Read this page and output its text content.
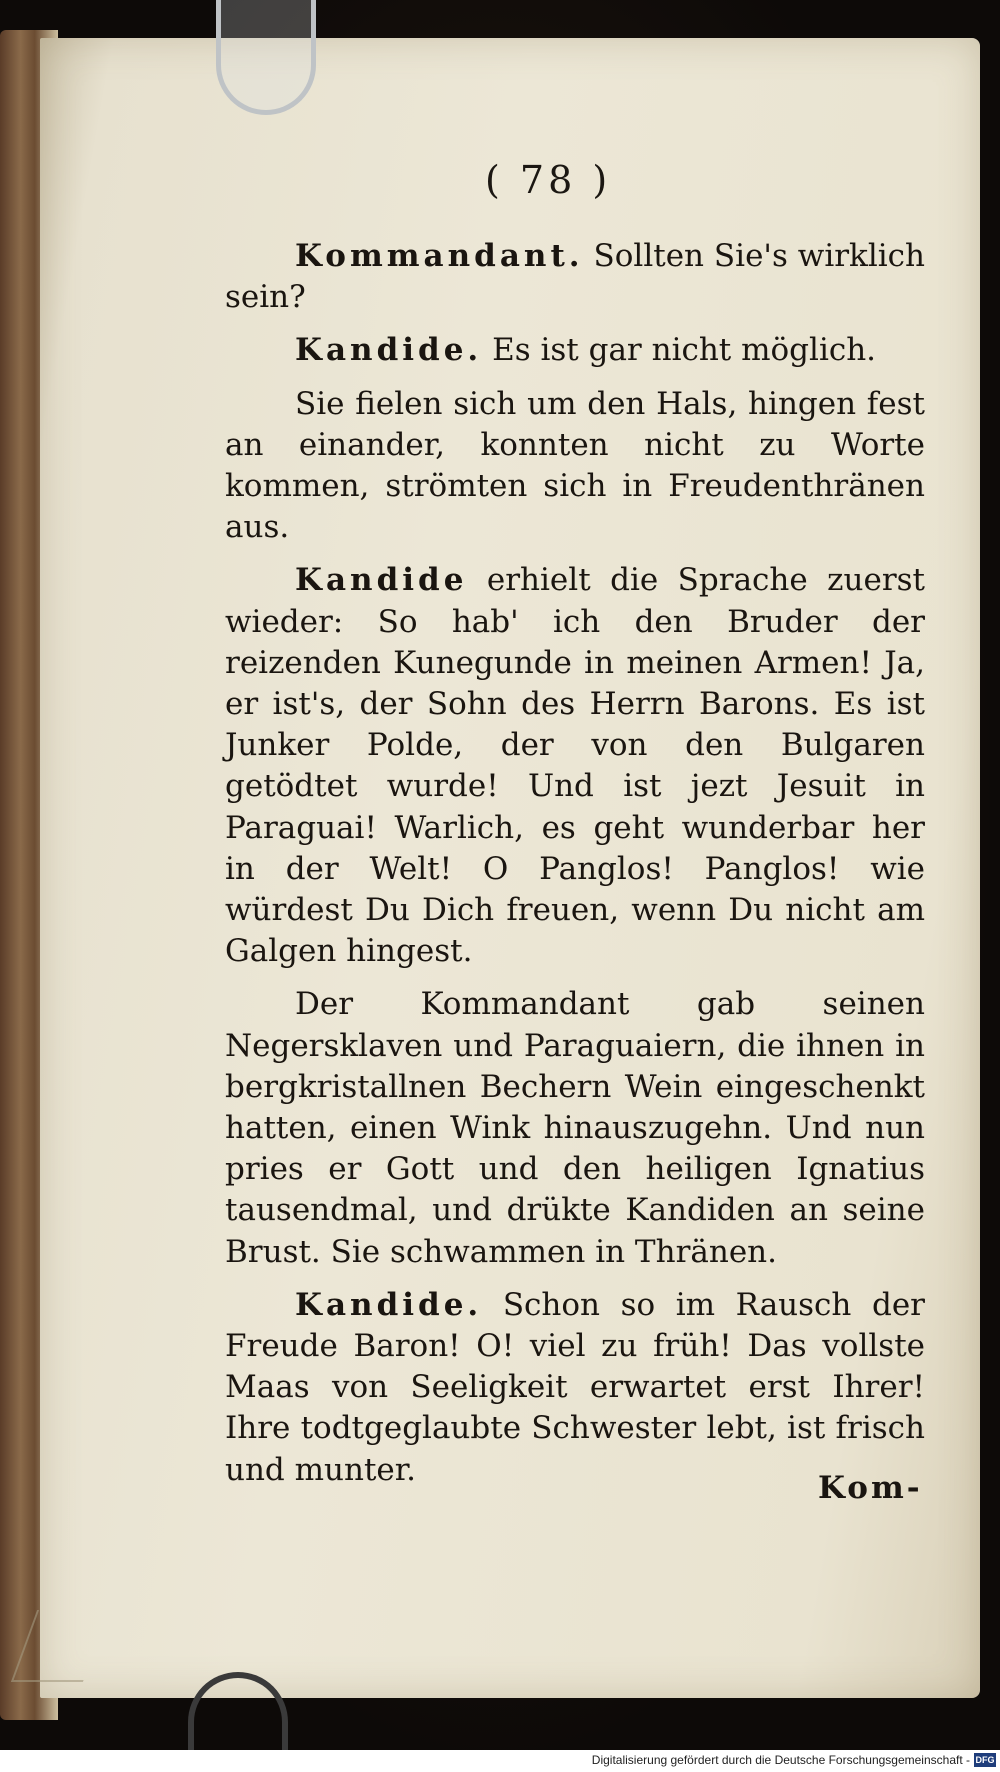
( 78 )

Kommandant. Sollten Sie's wirklich sein?

Kandide. Es ist gar nicht möglich.

Sie fielen sich um den Hals, hingen fest an einander, konnten nicht zu Worte kommen, strömten sich in Freudenthränen aus.

Kandide erhielt die Sprache zuerst wieder: So hab' ich den Bruder der reizenden Kunegunde in meinen Armen! Ja, er ist's, der Sohn des Herrn Barons. Es ist Junker Polde, der von den Bulgaren getödtet wurde! Und ist jezt Jesuit in Paraguai! Warlich, es geht wunderbar her in der Welt! O Panglos! Panglos! wie würdest Du Dich freuen, wenn Du nicht am Galgen hingest.

Der Kommandant gab seinen Negersklaven und Paraguaiern, die ihnen in bergkristallnen Bechern Wein eingeschenkt hatten, einen Wink hinauszugehn. Und nun pries er Gott und den heiligen Ignatius tausendmal, und drükte Kandiden an seine Brust. Sie schwammen in Thränen.

Kandide. Schon so im Rausch der Freude Baron! O! viel zu früh! Das vollste Maas von Seeligkeit erwartet erst Ihrer! Ihre todtgeglaubte Schwester lebt, ist frisch und munter.

Kom-
Digitalisierung gefördert durch die Deutsche Forschungsgemeinschaft - DFG
